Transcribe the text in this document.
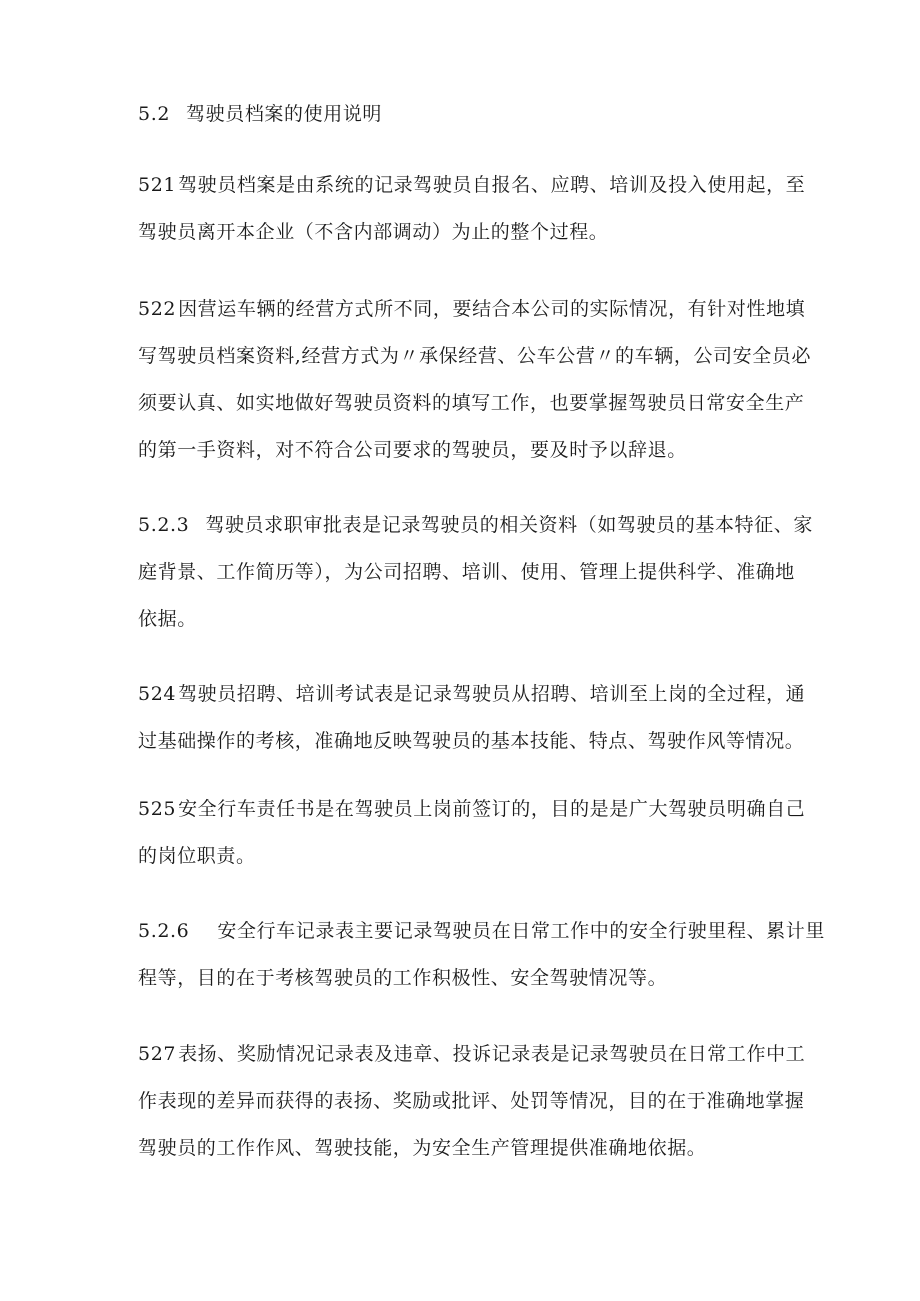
5.2 驾驶员档案的使用说明
521 驾驶员档案是由系统的记录驾驶员自报名、应聘、培训及投入使用起，至
驾驶员离开本企业（不含内部调动）为止的整个过程。
522 因营运车辆的经营方式所不同，要结合本公司的实际情况，有针对性地填
写驾驶员档案资料,经营方式为〃承保经营、公车公营〃的车辆，公司安全员必
须要认真、如实地做好驾驶员资料的填写工作，也要掌握驾驶员日常安全生产
的第一手资料，对不符合公司要求的驾驶员，要及时予以辞退。
5.2.3 驾驶员求职审批表是记录驾驶员的相关资料（如驾驶员的基本特征、家
庭背景、工作简历等），为公司招聘、培训、使用、管理上提供科学、准确地
依据。
524 驾驶员招聘、培训考试表是记录驾驶员从招聘、培训至上岗的全过程，通
过基础操作的考核，准确地反映驾驶员的基本技能、特点、驾驶作风等情况。
525 安全行车责任书是在驾驶员上岗前签订的，目的是是广大驾驶员明确自己
的岗位职责。
5.2.6 安全行车记录表主要记录驾驶员在日常工作中的安全行驶里程、累计里
程等，目的在于考核驾驶员的工作积极性、安全驾驶情况等。
527 表扬、奖励情况记录表及违章、投诉记录表是记录驾驶员在日常工作中工
作表现的差异而获得的表扬、奖励或批评、处罚等情况，目的在于准确地掌握
驾驶员的工作作风、驾驶技能，为安全生产管理提供准确地依据。
